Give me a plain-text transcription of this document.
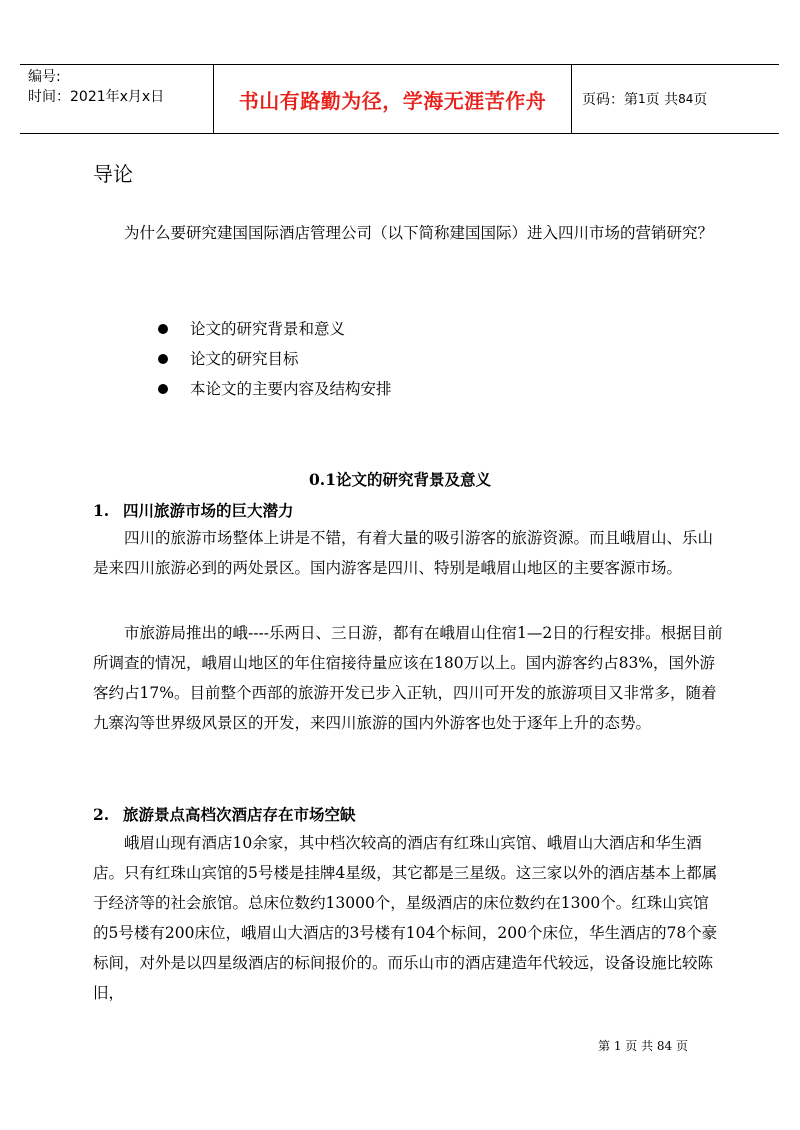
编号:
时间：2021年x月x日	书山有路勤为径，学海无涯苦作舟	页码：第 1 页 共 84 页
导论

为什么要研究建国国际酒店管理公司（以下简称建国国际）进入四川市场的营销研究？

论文的研究背景和意义
论文的研究目标
本论文的主要内容及结构安排
0.1论文的研究背景及意义
1. 四川旅游市场的巨大潜力

四川的旅游市场整体上讲是不错，有着大量的吸引游客的旅游资源。而且峨眉山、乐山是来四川旅游必到的两处景区。国内游客是四川、特别是峨眉山地区的主要客源市场。

市旅游局推出的峨----乐两日、三日游，都有在峨眉山住宿1—2日的行程安排。根据目前所调查的情况，峨眉山地区的年住宿接待量应该在180万以上。国内游客约占83%，国外游客约占17%。目前整个西部的旅游开发已步入正轨，四川可开发的旅游项目又非常多，随着九寨沟等世界级风景区的开发，来四川旅游的国内外游客也处于逐年上升的态势。

2. 旅游景点高档次酒店存在市场空缺

峨眉山现有酒店10余家，其中档次较高的酒店有红珠山宾馆、峨眉山大酒店和华生酒店。只有红珠山宾馆的5号楼是挂牌4星级，其它都是三星级。这三家以外的酒店基本上都属于经济等的社会旅馆。总床位数约13000个，星级酒店的床位数约在1300个。红珠山宾馆的5号楼有200床位，峨眉山大酒店的3号楼有104个标间，200个床位，华生酒店的78个豪标间，对外是以四星级酒店的标间报价的。而乐山市的酒店建造年代较远，设备设施比较陈旧，

第 1 页 共 84 页
